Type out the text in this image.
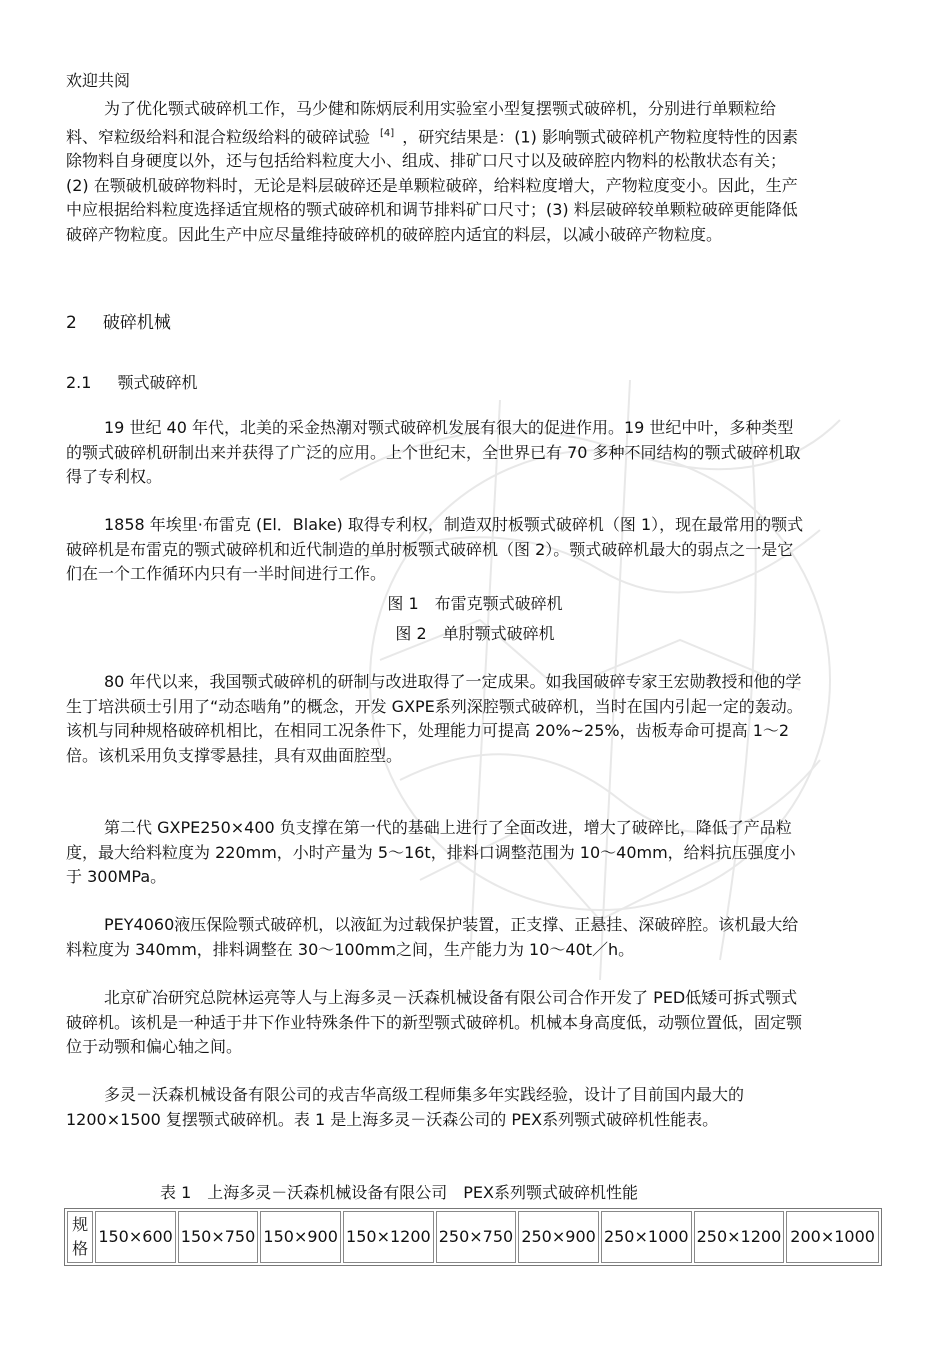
欢迎共阅

为了优化颚式破碎机工作，马少健和陈炳辰利用实验室小型复摆颚式破碎机，分别进行单颗粒给料、窄粒级给料和混合粒级给料的破碎试验 [4] ，研究结果是：(1) 影响颚式破碎机产物粒度特性的因素除物料自身硬度以外，还与包括给料粒度大小、组成、排矿口尺寸以及破碎腔内物料的松散状态有关；(2) 在颚破机破碎物料时，无论是料层破碎还是单颗粒破碎，给料粒度增大，产物粒度变小。因此，生产中应根据给料粒度选择适宜规格的颚式破碎机和调节排料矿口尺寸；(3) 料层破碎较单颗粒破碎更能降低破碎产物粒度。因此生产中应尽量维持破碎机的破碎腔内适宜的料层，以减小破碎产物粒度。

2 破碎机械
2.1 颚式破碎机

19 世纪 40 年代，北美的采金热潮对颚式破碎机发展有很大的促进作用。19 世纪中叶，多种类型的颚式破碎机研制出来并获得了广泛的应用。上个世纪末，全世界已有 70 多种不同结构的颚式破碎机取得了专利权。

1858 年埃里·布雷克 (El．Blake) 取得专利权，制造双肘板颚式破碎机（图 1），现在最常用的颚式破碎机是布雷克的颚式破碎机和近代制造的单肘板颚式破碎机（图 2）。颚式破碎机最大的弱点之一是它们在一个工作循环内只有一半时间进行工作。

图 1　布雷克颚式破碎机
图 2　单肘颚式破碎机

80 年代以来，我国颚式破碎机的研制与改进取得了一定成果。如我国破碎专家王宏勋教授和他的学生丁培洪硕士引用了“动态啮角”的概念，开发 GXPE系列深腔颚式破碎机，当时在国内引起一定的轰动。该机与同种规格破碎机相比，在相同工况条件下，处理能力可提高 20%~25%，齿板寿命可提高 1～2 倍。该机采用负支撑零悬挂，具有双曲面腔型。

第二代 GXPE250×400 负支撑在第一代的基础上进行了全面改进，增大了破碎比，降低了产品粒度，最大给料粒度为 220mm，小时产量为 5～16t，排料口调整范围为 10～40mm，给料抗压强度小于 300MPa。

PEY4060液压保险颚式破碎机，以液缸为过载保护装置，正支撑、正悬挂、深破碎腔。该机最大给料粒度为 340mm，排料调整在 30～100mm之间，生产能力为 10～40t／h。

北京矿冶研究总院林运亮等人与上海多灵－沃森机械设备有限公司合作开发了 PED低矮可拆式颚式破碎机。该机是一种适于井下作业特殊条件下的新型颚式破碎机。机械本身高度低，动颚位置低，固定颚位于动颚和偏心轴之间。

多灵－沃森机械设备有限公司的戎吉华高级工程师集多年实践经验，设计了目前国内最大的 1200×1500 复摆颚式破碎机。表 1 是上海多灵－沃森公司的 PEX系列颚式破碎机性能表。

表 1　上海多灵－沃森机械设备有限公司　PEX系列颚式破碎机性能
规格	150×600	150×750	150×900	150×1200	250×750	250×900	250×1000	250×1200	200×1000
